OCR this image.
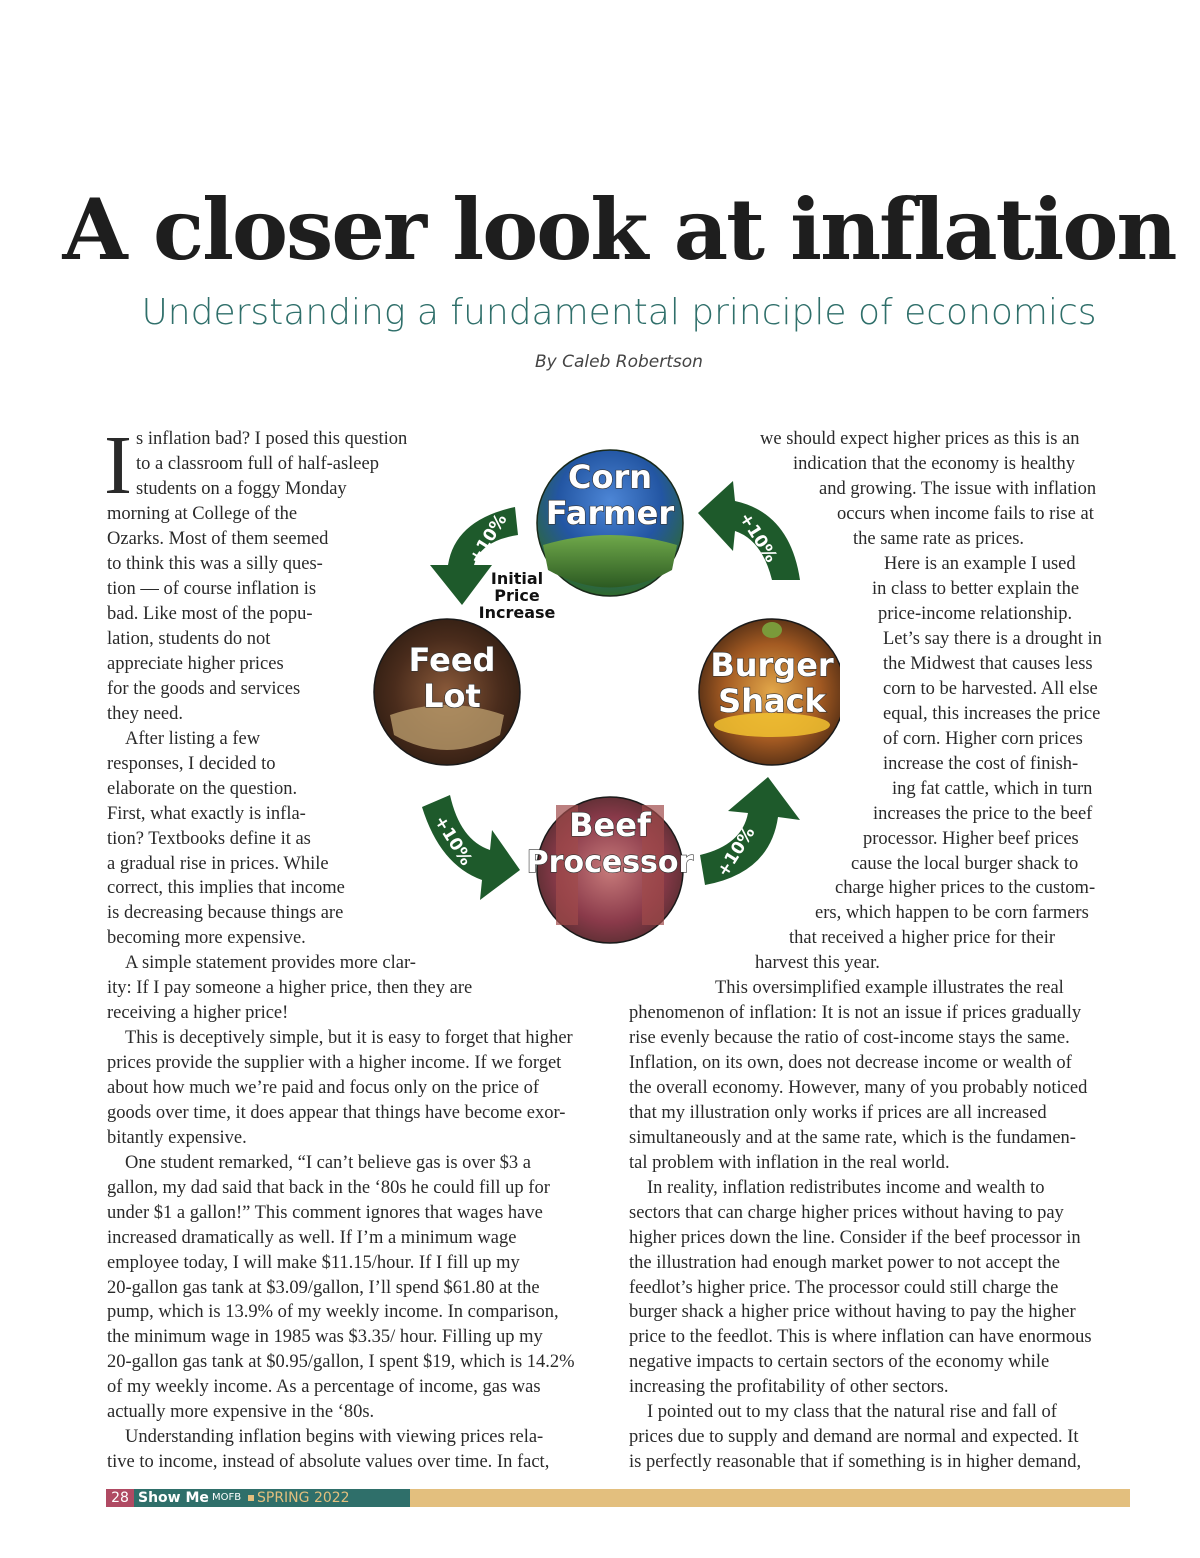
A closer look at inflation
Understanding a fundamental principle of economics
By Caleb Robertson
I s inflation bad? I posed this question
to a classroom full of half-asleep
students on a foggy Monday
morning at College of the
Ozarks. Most of them seemed
to think this was a silly ques-
tion — of course inflation is
bad. Like most of the popu-
lation, students do not
appreciate higher prices
for the goods and services
they need.
After listing a few
responses, I decided to
elaborate on the question.
First, what exactly is infla-
tion? Textbooks define it as
a gradual rise in prices. While
correct, this implies that income
is decreasing because things are
becoming more expensive.
A simple statement provides more clar-
ity: If I pay someone a higher price, then they are
receiving a higher price!
This is deceptively simple, but it is easy to forget that higher
prices provide the supplier with a higher income. If we forget
about how much we’re paid and focus only on the price of
goods over time, it does appear that things have become exor-
bitantly expensive.
One student remarked, “I can’t believe gas is over $3 a
gallon, my dad said that back in the ‘80s he could fill up for
under $1 a gallon!” This comment ignores that wages have
increased dramatically as well. If I’m a minimum wage
employee today, I will make $11.15/hour. If I fill up my
20-gallon gas tank at $3.09/gallon, I’ll spend $61.80 at the
pump, which is 13.9% of my weekly income. In comparison,
the minimum wage in 1985 was $3.35/ hour. Filling up my
20-gallon gas tank at $0.95/gallon, I spent $19, which is 14.2%
of my weekly income. As a percentage of income, gas was
actually more expensive in the ‘80s.
Understanding inflation begins with viewing prices rela-
tive to income, instead of absolute values over time. In fact,
we should expect higher prices as this is an
indication that the economy is healthy
and growing. The issue with inflation
occurs when income fails to rise at
the same rate as prices.
Here is an example I used
in class to better explain the
price-income relationship.
Let’s say there is a drought in
the Midwest that causes less
corn to be harvested. All else
equal, this increases the price
of corn. Higher corn prices
increase the cost of finish-
ing fat cattle, which in turn
increases the price to the beef
processor. Higher beef prices
cause the local burger shack to
charge higher prices to the custom-
ers, which happen to be corn farmers
that received a higher price for their
harvest this year.
This oversimplified example illustrates the real
phenomenon of inflation: It is not an issue if prices gradually
rise evenly because the ratio of cost-income stays the same.
Inflation, on its own, does not decrease income or wealth of
the overall economy. However, many of you probably noticed
that my illustration only works if prices are all increased
simultaneously and at the same rate, which is the fundamen-
tal problem with inflation in the real world.
In reality, inflation redistributes income and wealth to
sectors that can charge higher prices without having to pay
higher prices down the line. Consider if the beef processor in
the illustration had enough market power to not accept the
feedlot’s higher price. The processor could still charge the
burger shack a higher price without having to pay the higher
price to the feedlot. This is where inflation can have enormous
negative impacts to certain sectors of the economy while
increasing the profitability of other sectors.
I pointed out to my class that the natural rise and fall of
prices due to supply and demand are normal and expected. It
is perfectly reasonable that if something is in higher demand,
Corn
Farmer
Feed
Lot
Burger
Shack
Beef
Processor
+10%
+10%	+10%
+10%
Initial
Price
Increase
28 Show Me MOFB SPRING 2022
